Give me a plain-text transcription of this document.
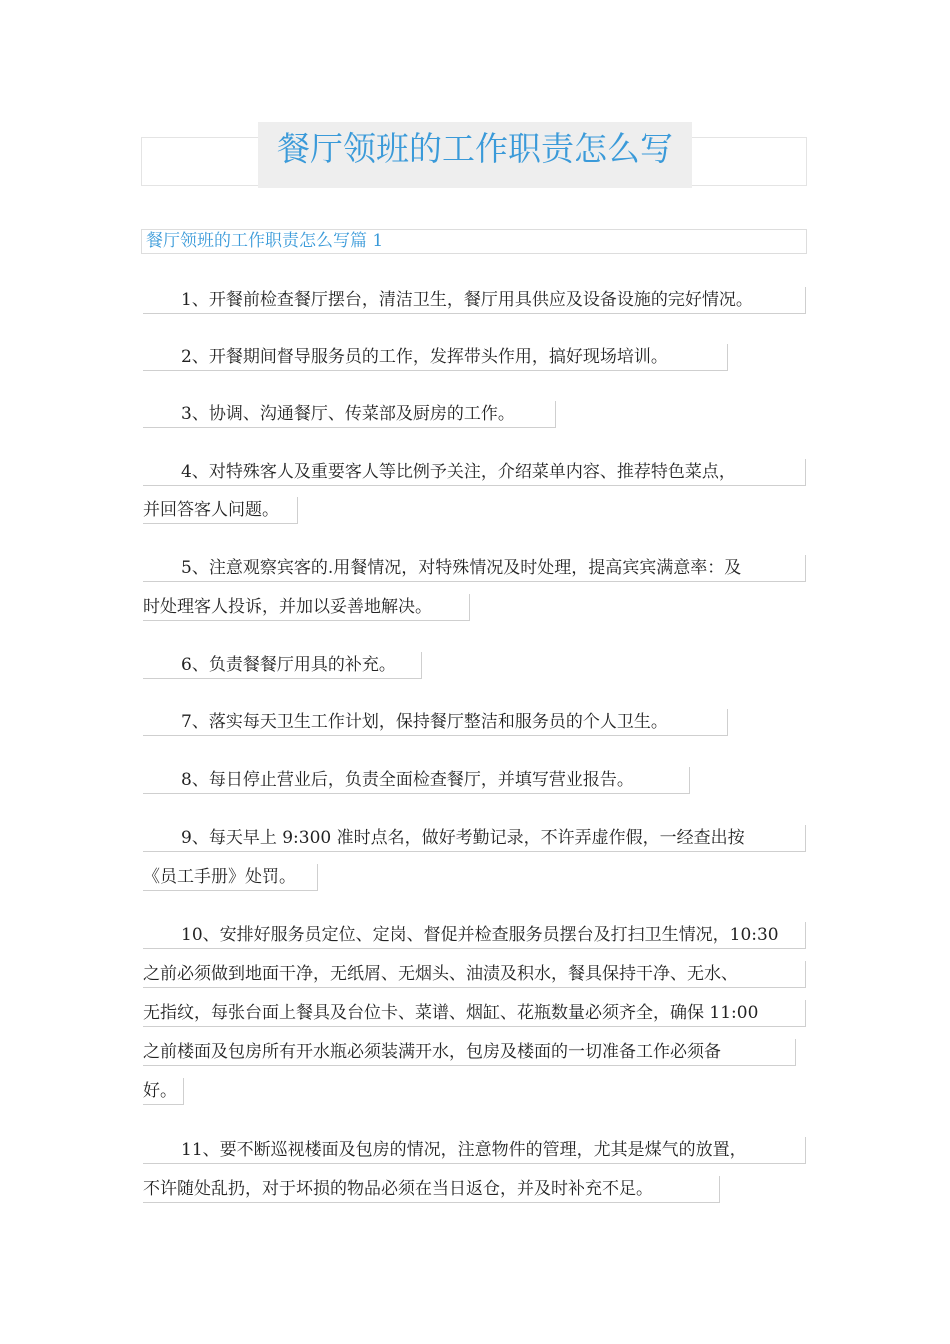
餐厅领班的工作职责怎么写
餐厅领班的工作职责怎么写篇 1
1、开餐前检查餐厅摆台，清洁卫生，餐厅用具供应及设备设施的完好情况。
2、开餐期间督导服务员的工作，发挥带头作用，搞好现场培训。
3、协调、沟通餐厅、传菜部及厨房的工作。
4、对特殊客人及重要客人等比例予关注，介绍菜单内容、推荐特色菜点，
并回答客人问题。
5、注意观察宾客的.用餐情况，对特殊情况及时处理，提高宾宾满意率：及
时处理客人投诉，并加以妥善地解决。
6、负责餐餐厅用具的补充。
7、落实每天卫生工作计划，保持餐厅整洁和服务员的个人卫生。
8、每日停止营业后，负责全面检查餐厅，并填写营业报告。
9、每天早上 9:300 准时点名，做好考勤记录，不许弄虚作假，一经查出按
《员工手册》处罚。
10、安排好服务员定位、定岗、督促并检查服务员摆台及打扫卫生情况，10:30
之前必须做到地面干净，无纸屑、无烟头、油渍及积水，餐具保持干净、无水、
无指纹，每张台面上餐具及台位卡、菜谱、烟缸、花瓶数量必须齐全，确保 11:00
之前楼面及包房所有开水瓶必须装满开水，包房及楼面的一切准备工作必须备
好。
11、要不断巡视楼面及包房的情况，注意物件的管理，尤其是煤气的放置，
不许随处乱扔，对于坏损的物品必须在当日返仓，并及时补充不足。
